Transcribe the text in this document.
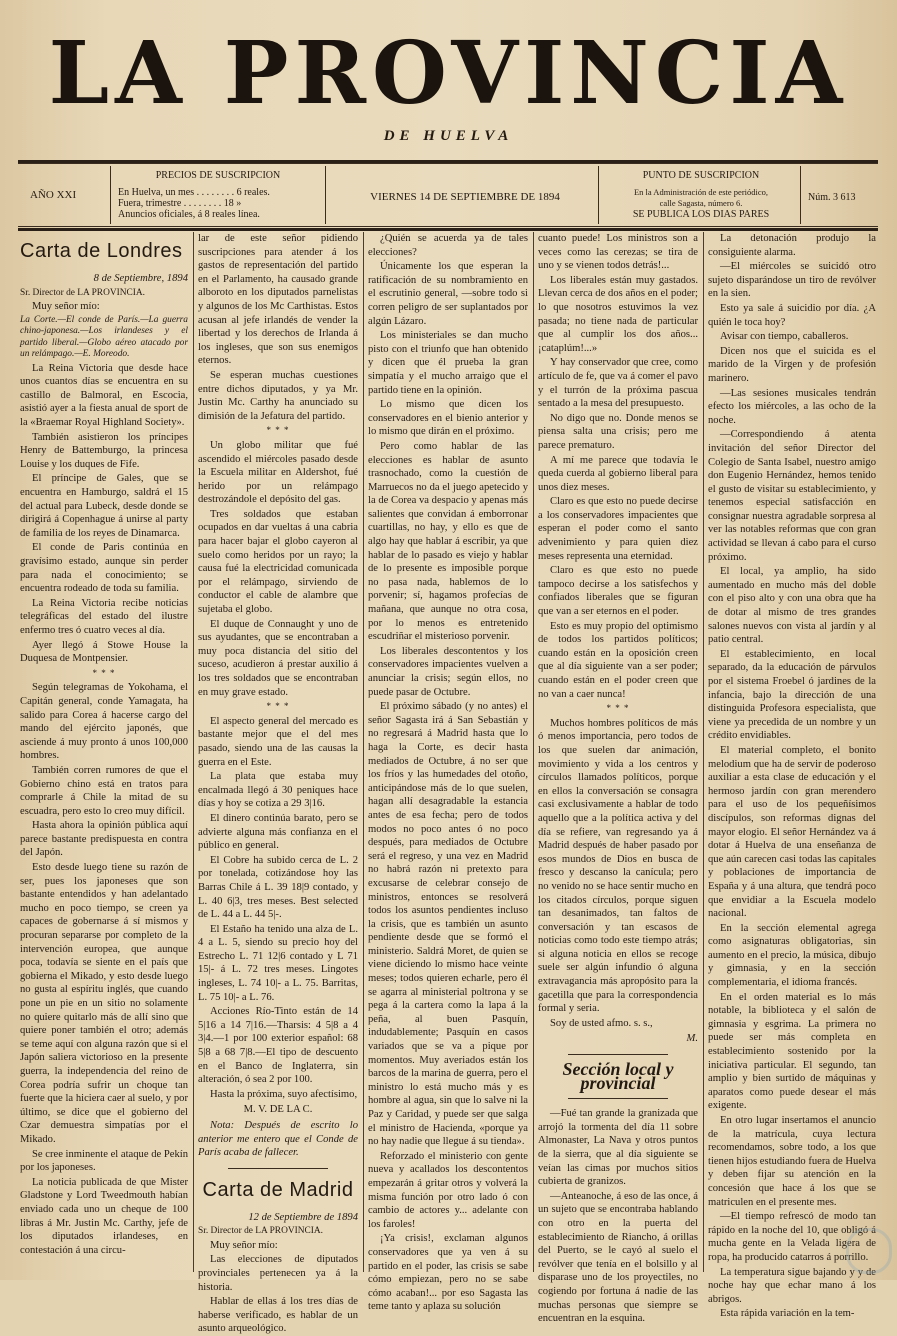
LA PROVINCIA
DE HUELVA
AÑO XXI
PRECIOS DE SUSCRIPCION
En Huelva, un mes . . . . . . . . 6 reales.
Fuera, trimestre . . . . . . . . 18 »
Anuncios oficiales, á 8 reales línea.
VIERNES 14 DE SEPTIEMBRE DE 1894
PUNTO DE SUSCRIPCION
En la Administración de este periódico,
calle Sagasta, número 6.
SE PUBLICA LOS DIAS PARES
Núm. 3 613
Carta de Londres
8 de Septiembre, 1894

Sr. Director de LA PROVINCIA.

Muy señor mío:

La Corte.—El conde de París.—La guerra chino-japonesa.—Los irlandeses y el partido liberal.—Globo aéreo atacado por un relámpago.—E. Moreodo.

La Reina Victoria que desde hace unos cuantos días se encuentra en su castillo de Balmoral, en Escocia, asistió ayer a la fiesta anual de sport de la «Braemar Royal Highland Society».

También asistieron los príncipes Henry de Battemburgo, la princesa Louise y los duques de Fife.

El príncipe de Gales, que se encuentra en Hamburgo, saldrá el 15 del actual para Lubeck, desde donde se dirigirá á Copenhague á unirse al party de familia de los reyes de Dinamarca.

El conde de Paris continúa en gravísimo estado, aunque sin perder para nada el conocimiento; se encuentra rodeado de toda su familia.

La Reina Victoria recibe noticias telegráficas del estado del ilustre enfermo tres ó cuatro veces al día.

Ayer llegó á Stowe House la Duquesa de Montpensier.

* * *

Según telegramas de Yokohama, el Capitán general, conde Yamagata, ha salido para Corea á hacerse cargo del mando del ejército japonés, que asciende á muy pronto á unos 100,000 hombres.

También corren rumores de que el Gobierno chino está en tratos para comprarle á Chile la mitad de su escuadra, pero esto lo creo muy difícil.

Hasta ahora la opinión pública aquí parece bastante predispuesta en contra del Japón.

Esto desde luego tiene su razón de ser, pues los japoneses que son bastante entendidos y han adelantado mucho en poco tiempo, se creen ya capaces de gobernarse á sí mismos y procuran separarse por completo de la intervención europea, que aunque poca, todavía se siente en el país que gobierna el Mikado, y esto desde luego no gusta al espíritu inglés, que cuando pone un pie en un sitio no solamente no quiere quitarlo más de allí sino que quiere poner también el otro; además se teme aquí con alguna razón que si el Japón saliera victorioso en la presente guerra, la independencia del reino de Corea podría sufrir un choque tan fuerte que la hiciera caer al suelo, y por último, se dice que el gobierno del Czar demuestra simpatías por el Mikado.

Se cree inminente el ataque de Pekín por los japoneses.

La noticia publicada de que Mister Gladstone y Lord Tweedmouth habían enviado cada uno un cheque de 100 libras á Mr. Justin Mc. Carthy, jefe de los diputados irlandeses, en contestación á una circu-

lar de este señor pidiendo suscripciones para atender á los gastos de representación del partido en el Parlamento, ha causado grande alboroto en los diputados parnelistas y algunos de los Mc Carthistas. Estos acusan al jefe irlandés de vender la libertad y los derechos de Irlanda á los ingleses, que son sus enemigos eternos.

Se esperan muchas cuestiones entre dichos diputados, y ya Mr. Justin Mc. Carthy ha anunciado su dimisión de la Jefatura del partido.

* * *

Un globo militar que fué ascendido el miércoles pasado desde la Escuela militar en Aldershot, fué herido por un relámpago destrozándole el depósito del gas.

Tres soldados que estaban ocupados en dar vueltas á una cabria para hacer bajar el globo cayeron al suelo como heridos por un rayo; la causa fué la electricidad comunicada por el relámpago, sirviendo de conductor el cable de alambre que sujetaba el globo.

El duque de Connaught y uno de sus ayudantes, que se encontraban a muy poca distancia del sitio del suceso, acudieron á prestar auxilio á los tres soldados que se encontraban en muy grave estado.

* * *

El aspecto general del mercado es bastante mejor que el del mes pasado, siendo una de las causas la guerra en el Este.

La plata que estaba muy encalmada llegó á 30 peniques hace días y hoy se cotiza a 29 3|16.

El dinero continúa barato, pero se advierte alguna más confianza en el público en general.

El Cobre ha subido cerca de L. 2 por tonelada, cotizándose hoy las Barras Chile á L. 39 18|9 contado, y L. 40 6|3, tres meses. Best selected de L. 44 a L. 44 5|-.

El Estaño ha tenido una alza de L. 4 a L. 5, siendo su precio hoy del Estrecho L. 71 12|6 contado y L 71 15|- á L. 72 tres meses. Lingotes ingleses, L. 74 10|- a L. 75. Barritas, L. 75 10|- a L. 76.

Acciones Río-Tinto están de 14 5|16 a 14 7|16.—Tharsis: 4 5|8 a 4 3|4.—1 por 100 exterior español: 68 5|8 a 68 7|8.—El tipo de descuento en el Banco de Inglaterra, sin alteración, ó sea 2 por 100.

Hasta la próxima, suyo afectísimo,

M. V. DE LA C.

Nota: Después de escrito lo anterior me entero que el Conde de París acaba de fallecer.

Carta de Madrid
12 de Septiembre de 1894

Sr. Director de LA PROVINCIA.

Muy señor mío:

Las elecciones de diputados provinciales pertenecen ya á la historia.

Hablar de ellas á los tres días de haberse verificado, es hablar de un asunto arqueológico.

¿Quién se acuerda ya de tales elecciones?

Únicamente los que esperan la ratificación de su nombramiento en el escrutinio general, —sobre todo si corren peligro de ser suplantados por algún Lázaro.

Los ministeriales se dan mucho pisto con el triunfo que han obtenido y dicen que él prueba la gran simpatía y el mucho arraigo que el partido tiene en la opinión.

Lo mismo que dicen los conservadores en el bienio anterior y lo mismo que dirán en el próximo.

Pero como hablar de las elecciones es hablar de asunto trasnochado, como la cuestión de Marruecos no da el juego apetecido y la de Corea va despacio y apenas más salientes que convidan á emborronar cuartillas, no hay, y ello es que de algo hay que hablar á escribir, ya que hablar de lo pasado es viejo y hablar de lo presente es imposible porque no pasa nada, hablemos de lo porvenir; sí, hagamos profecías de mañana, que aunque no otra cosa, por lo menos es entretenido escudriñar el misterioso porvenir.

Los liberales descontentos y los conservadores impacientes vuelven a anunciar la crisis; según ellos, no puede pasar de Octubre.

El próximo sábado (y no antes) el señor Sagasta irá á San Sebastián y no regresará á Madrid hasta que lo haga la Corte, es decir hasta mediados de Octubre, á no ser que los fríos y las humedades del otoño, anticipándose más de lo que suelen, hagan allí desagradable la estancia antes de esa fecha; pero de todos modos no poco antes ó no poco después, para mediados de Octubre será el regreso, y una vez en Madrid no habrá razón ni pretexto para excusarse de celebrar consejo de ministros, entonces se resolverá todos los asuntos pendientes incluso la crisis, que es también un asunto pendiente desde que se formó el ministerio. Saldrá Moret, de quien se viene diciendo lo mismo hace veinte meses; todos quieren echarle, pero él se agarra al ministerial poltrona y se pega á la cartera como la lapa á la peña, al buen Pasquín, indudablemente; Pasquín en casos variados que se va a pique por momentos. Muy averiados están los barcos de la marina de guerra, pero el ministro lo está mucho más y es hombre al agua, sin que lo salve ni la Paz y Caridad, y puede ser que salga el ministro de Hacienda, «porque ya no hay nadie que llegue á su tienda».

Reforzado el ministerio con gente nueva y acallados los descontentos empezarán á gritar otros y volverá la misma función por otro lado ó con cambio de actores y... adelante con los faroles!

¡Ya crisis!, exclaman algunos conservadores que ya ven á su partido en el poder, las crisis se sabe cómo empiezan, pero no se sabe cómo acaban!... por eso Sagasta las teme tanto y aplaza su solución

cuanto puede! Los ministros son a veces como las cerezas; se tira de uno y se vienen todos detrás!...

Los liberales están muy gastados. Llevan cerca de dos años en el poder; lo que nosotros estuvimos la vez pasada; no tiene nada de particular que al cumplir los dos años... ¡cataplúm!...»

Y hay conservador que cree, como artículo de fe, que va á comer el pavo y el turrón de la próxima pascua sentado a la mesa del presupuesto.

No digo que no. Donde menos se piensa salta una crisis; pero me parece prematuro.

A mí me parece que todavía le queda cuerda al gobierno liberal para unos diez meses.

Claro es que esto no puede decirse a los conservadores impacientes que esperan el poder como el santo advenimiento y para quien diez meses representa una eternidad.

Claro es que esto no puede tampoco decirse a los satisfechos y confiados liberales que se figuran que van a ser eternos en el poder.

Esto es muy propio del optimismo de todos los partidos políticos; cuando están en la oposición creen que al día siguiente van a ser poder; cuando están en el poder creen que no van a caer nunca!

* * *

Muchos hombres políticos de más ó menos importancia, pero todos de los que suelen dar animación, movimiento y vida a los centros y círculos llamados políticos, porque en ellos la conversación se consagra casi exclusivamente a hablar de todo aquello que a la política activa y del día se refiere, van regresando ya á Madrid después de haber pasado por esos mundos de Dios en busca de fresco y descanso la canícula; pero no venido no se hace sentir mucho en los citados círculos, porque siguen tan desanimados, tan faltos de conversación y tan escasos de noticias como todo este tiempo atrás; si alguna noticia en ellos se recoge suele ser algún infundio ó alguna extravagancia más apropósito para la gacetilla que para la correspondencia formal y seria.

Soy de usted afmo. s. s.,

M.
Sección local y provincial

—Fué tan grande la granizada que arrojó la tormenta del día 11 sobre Almonaster, La Nava y otros puntos de la sierra, que al día siguiente se veían las cimas por muchos sitios cubierta de granizos.

—Anteanoche, á eso de las once, á un sujeto que se encontraba hablando con otro en la puerta del establecimiento de Riancho, á orillas del Puerto, se le cayó al suelo el revólver que tenía en el bolsillo y al disparase uno de los proyectiles, no cogiendo por fortuna á nadie de las muchas personas que siempre se encuentran en la esquina.

La detonación produjo la consiguiente alarma.

—El miércoles se suicidó otro sujeto disparándose un tiro de revólver en la sien.

Esto ya sale á suicidio por día. ¿A quién le toca hoy?

Avisar con tiempo, caballeros.

Dicen nos que el suicida es el marido de la Virgen y de profesión marinero.

—Las sesiones musicales tendrán efecto los miércoles, a las ocho de la noche.

—Correspondiendo á atenta invitación del señor Director del Colegio de Santa Isabel, nuestro amigo don Eugenio Hernández, hemos tenido el gusto de visitar su establecimiento, y tenemos especial satisfacción en consignar nuestra agradable sorpresa al ver las notables reformas que con gran actividad se llevan á cabo para el curso próximo.

El local, ya amplio, ha sido aumentado en mucho más del doble con el piso alto y con una obra que ha de dotar al mismo de tres grandes salones nuevos con vista al jardín y al patio central.

El establecimiento, en local separado, da la educación de párvulos por el sistema Froebel ó jardines de la infancia, bajo la dirección de una distinguida Profesora especialista, que viene ya precedida de un nombre y un crédito envidiables.

El material completo, el bonito melodium que ha de servir de poderoso auxiliar a esta clase de educación y el hermoso jardín con gran merendero para el uso de los pequeñísimos discípulos, son reformas dignas del mayor elogio. El señor Hernández va á dotar á Huelva de una enseñanza de que aún carecen casi todas las capitales y poblaciones de importancia de España y á una altura, que tendrá poco que envidiar a la Escuela modelo nacional.

En la sección elemental agrega como asignaturas obligatorias, sin aumento en el precio, la música, dibujo y gimnasia, y en la sección complementaria, el idioma francés.

En el orden material es lo más notable, la biblioteca y el salón de gimnasia y esgrima. La primera no puede ser más completa en establecimiento sostenido por la iniciativa particular. El segundo, tan amplio y bien surtido de máquinas y aparatos como puede desear el más exigente.

En otro lugar insertamos el anuncio de la matrícula, cuya lectura recomendamos, sobre todo, a los que tienen hijos estudiando fuera de Huelva y deben fijar su atención en la concesión que hace á los que se matriculen en el presente mes.

—El tiempo refrescó de modo tan rápido en la noche del 10, que obligó á mucha gente en la Velada ligera de ropa, ha producido catarros á porrillo.

La temperatura sigue bajando y y de noche hay que echar mano á los abrigos.

Esta rápida variación en la tem-
